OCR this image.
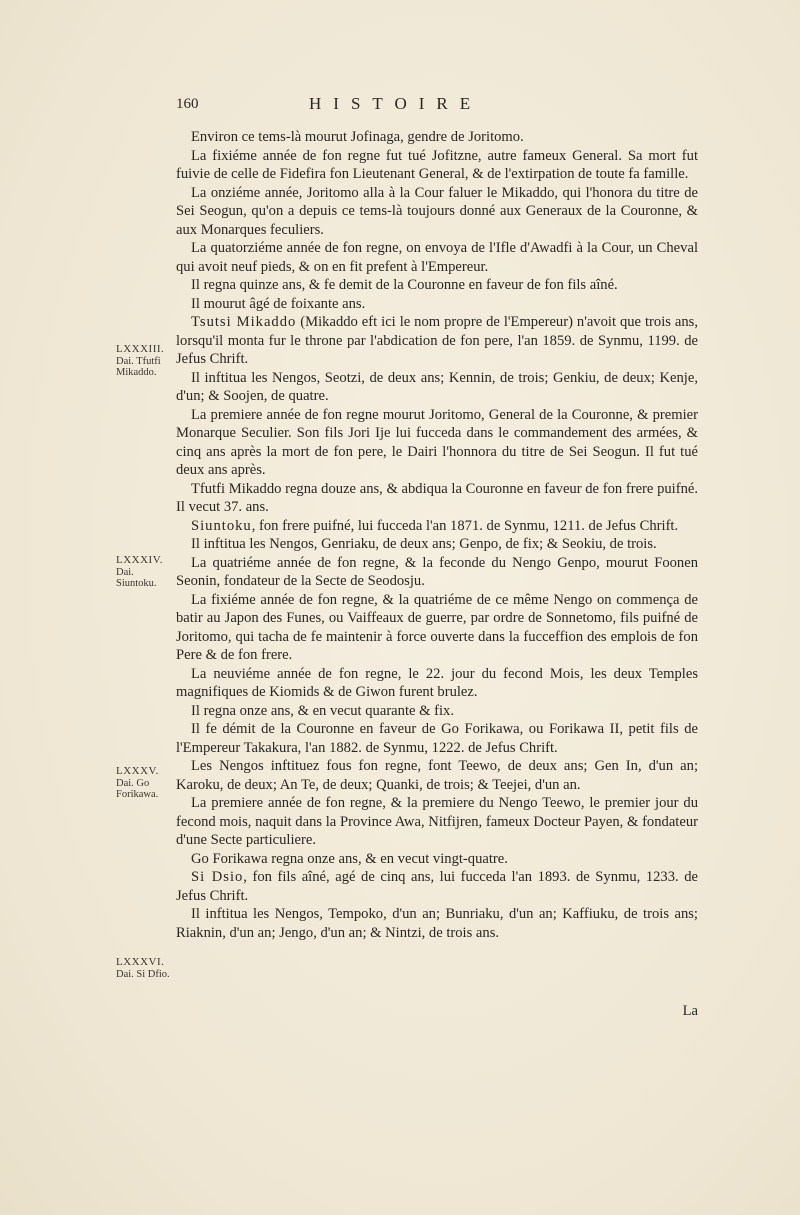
160	HISTOIRE
LXXXIII.
Dai. Tfutfi Mikaddo.
LXXXIV.
Dai. Siuntoku.
LXXXV.
Dai. Go Forikawa.
LXXXVI.
Dai. Si Dfio.

Environ ce tems-là mourut Jofinaga, gendre de Joritomo.

La fixiéme année de fon regne fut tué Jofitzne, autre fameux General. Sa mort fut fuivie de celle de Fidefira fon Lieutenant General, & de l'extirpation de toute fa famille.

La onziéme année, Joritomo alla à la Cour faluer le Mikaddo, qui l'honora du titre de Sei Seogun, qu'on a depuis ce tems-là toujours donné aux Generaux de la Couronne, & aux Monarques feculiers.

La quatorziéme année de fon regne, on envoya de l'Ifle d'Awadfi à la Cour, un Cheval qui avoit neuf pieds, & on en fit prefent à l'Empereur.

Il regna quinze ans, & fe demit de la Couronne en faveur de fon fils aîné.

Il mourut âgé de foixante ans.

Tsutsi Mikaddo (Mikaddo eft ici le nom propre de l'Empereur) n'avoit que trois ans, lorsqu'il monta fur le throne par l'abdication de fon pere, l'an 1859. de Synmu, 1199. de Jefus Chrift.

Il inftitua les Nengos, Seotzi, de deux ans; Kennin, de trois; Genkiu, de deux; Kenje, d'un; & Soojen, de quatre.

La premiere année de fon regne mourut Joritomo, General de la Couronne, & premier Monarque Seculier. Son fils Jori Ije lui fucceda dans le commandement des armées, & cinq ans après la mort de fon pere, le Dairi l'honnora du titre de Sei Seogun. Il fut tué deux ans après.

Tfutfi Mikaddo regna douze ans, & abdiqua la Couronne en faveur de fon frere puifné. Il vecut 37. ans.

Siuntoku, fon frere puifné, lui fucceda l'an 1871. de Synmu, 1211. de Jefus Chrift.

Il inftitua les Nengos, Genriaku, de deux ans; Genpo, de fix; & Seokiu, de trois.

La quatriéme année de fon regne, & la feconde du Nengo Genpo, mourut Foonen Seonin, fondateur de la Secte de Seodosju.

La fixiéme année de fon regne, & la quatriéme de ce même Nengo on commença de batir au Japon des Funes, ou Vaiffeaux de guerre, par ordre de Sonnetomo, fils puifné de Joritomo, qui tacha de fe maintenir à force ouverte dans la fucceffion des emplois de fon Pere & de fon frere.

La neuviéme année de fon regne, le 22. jour du fecond Mois, les deux Temples magnifiques de Kiomids & de Giwon furent brulez.

Il regna onze ans, & en vecut quarante & fix.

Il fe démit de la Couronne en faveur de Go Forikawa, ou Forikawa II, petit fils de l'Empereur Takakura, l'an 1882. de Synmu, 1222. de Jefus Chrift.

Les Nengos inftituez fous fon regne, font Teewo, de deux ans; Gen In, d'un an; Karoku, de deux; An Te, de deux; Quanki, de trois; & Teejei, d'un an.

La premiere année de fon regne, & la premiere du Nengo Teewo, le premier jour du fecond mois, naquit dans la Province Awa, Nitfijren, fameux Docteur Payen, & fondateur d'une Secte particuliere.

Go Forikawa regna onze ans, & en vecut vingt-quatre.

Si Dsio, fon fils aîné, agé de cinq ans, lui fucceda l'an 1893. de Synmu, 1233. de Jefus Chrift.

Il inftitua les Nengos, Tempoko, d'un an; Bunriaku, d'un an; Kaffiuku, de trois ans; Riaknin, d'un an; Jengo, d'un an; & Nintzi, de trois ans.

La
